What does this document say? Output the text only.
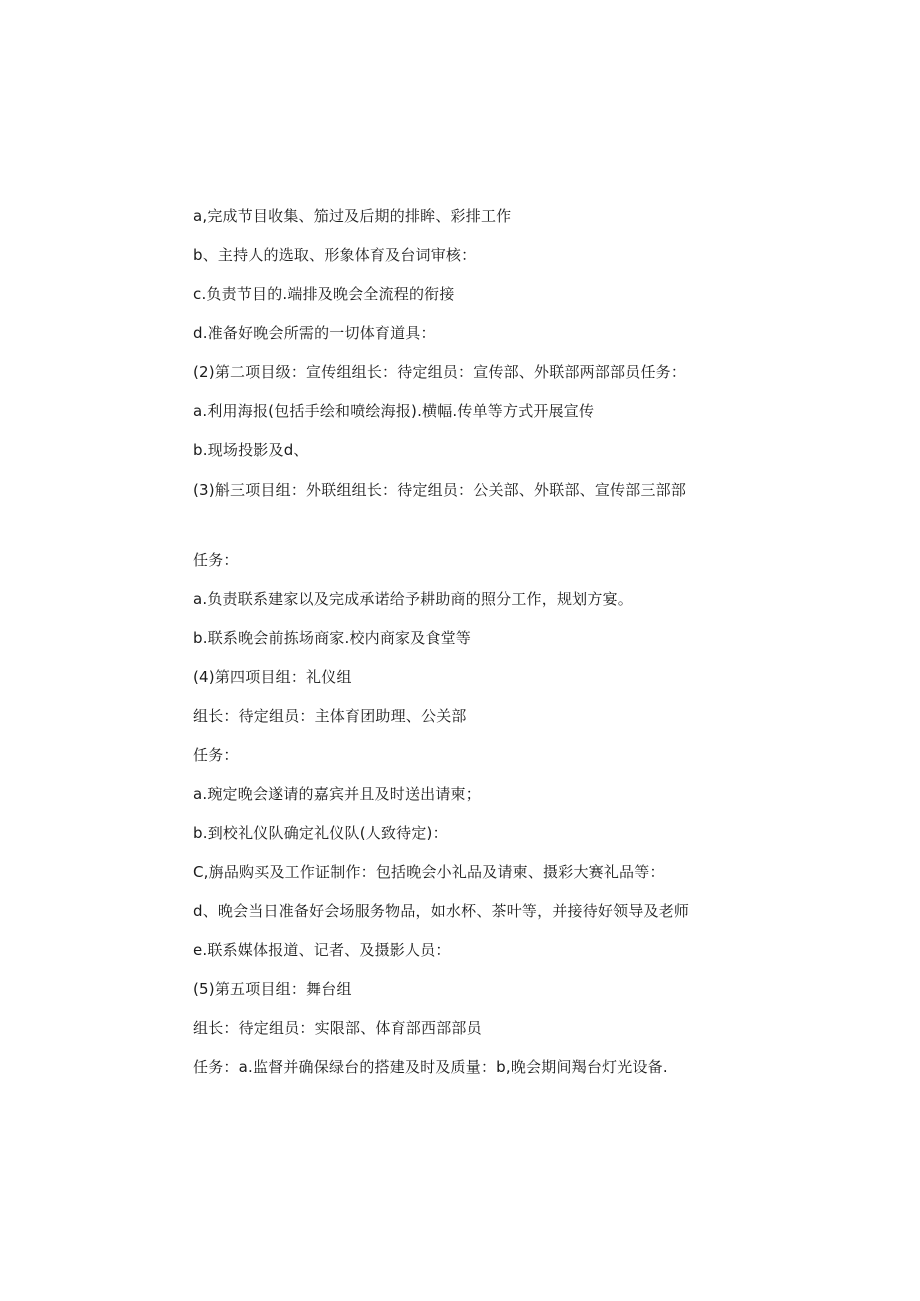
a,完成节目收集、笳过及后期的排眸、彩排工作
b、主持人的选取、形象体育及台词审核：
c.负责节目的.端排及晚会全流程的衔接
d.准备好晚会所需的一切体育道具：
(2)第二项目级：宣传组组长：待定组员：宣传部、外联部两部部员任务：
a.利用海报(包括手绘和喷绘海报).横幅.传单等方式开展宣传
b.现场投影及d、
(3)斛三项目组：外联组组长：待定组员：公关部、外联部、宣传部三部部
任务：
a.负责联系建家以及完成承诺给予耕助商的照分工作，规划方宴。
b.联系晚会前拣场商家.校内商家及食堂等
(4)第四项目组：礼仪组
组长：待定组员：主体育团助理、公关部
任务：
a.琬定晚会遂请的嘉宾并且及时送出请柬；
b.到校礼仪队确定礼仪队(人致待定)：
C,旃品购买及工作证制作：包括晚会小礼品及请柬、摄彩大赛礼品等：
d、晚会当日准备好会场服务物品，如水杯、茶叶等，并接待好领导及老师
e.联系媒体报道、记者、及摄影人员：
(5)第五项目组：舞台组
组长：待定组员：实限部、体育部西部部员
任务：a.监督并确保绿台的搭建及时及质量：b,晚会期间羯台灯光设备.
